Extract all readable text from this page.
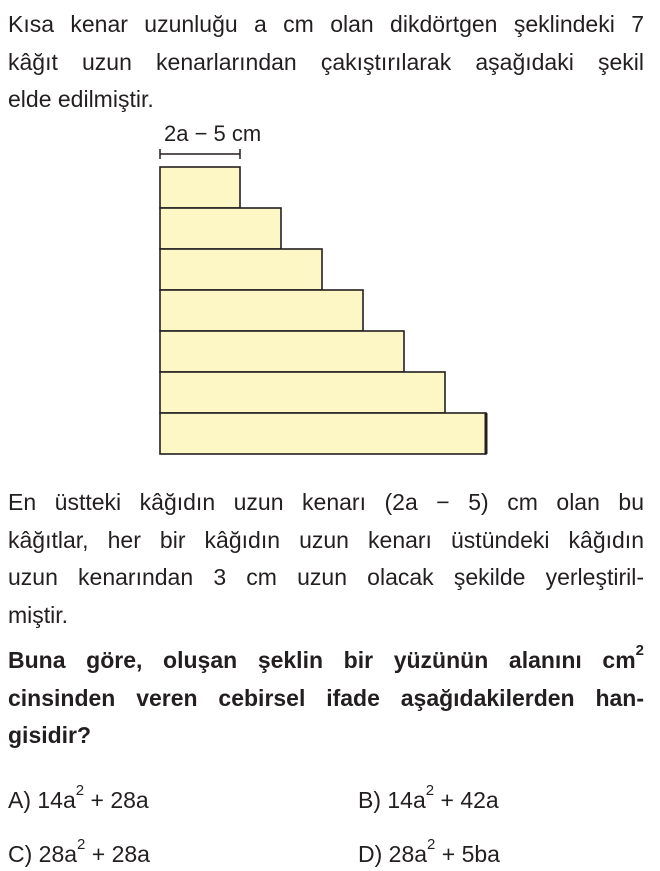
Kısa kenar uzunluğu a cm olan dikdörtgen şeklindeki 7
kâğıt uzun kenarlarından çakıştırılarak aşağıdaki şekil
elde edilmiştir.
2a − 5 cm
En üstteki kâğıdın uzun kenarı (2a − 5) cm olan bu
kâğıtlar, her bir kâğıdın uzun kenarı üstündeki kâğıdın
uzun kenarından 3 cm uzun olacak şekilde yerleştiril-
miştir.
Buna göre, oluşan şeklin bir yüzünün alanını $cm^2$
cinsinden veren cebirsel ifade aşağıdakilerden han-
gisidir?
A) $14a^2 + 28a$	B) $14a^2 + 42a$
C) $28a^2 + 28a$	D) $28a^2 + 5ba$
